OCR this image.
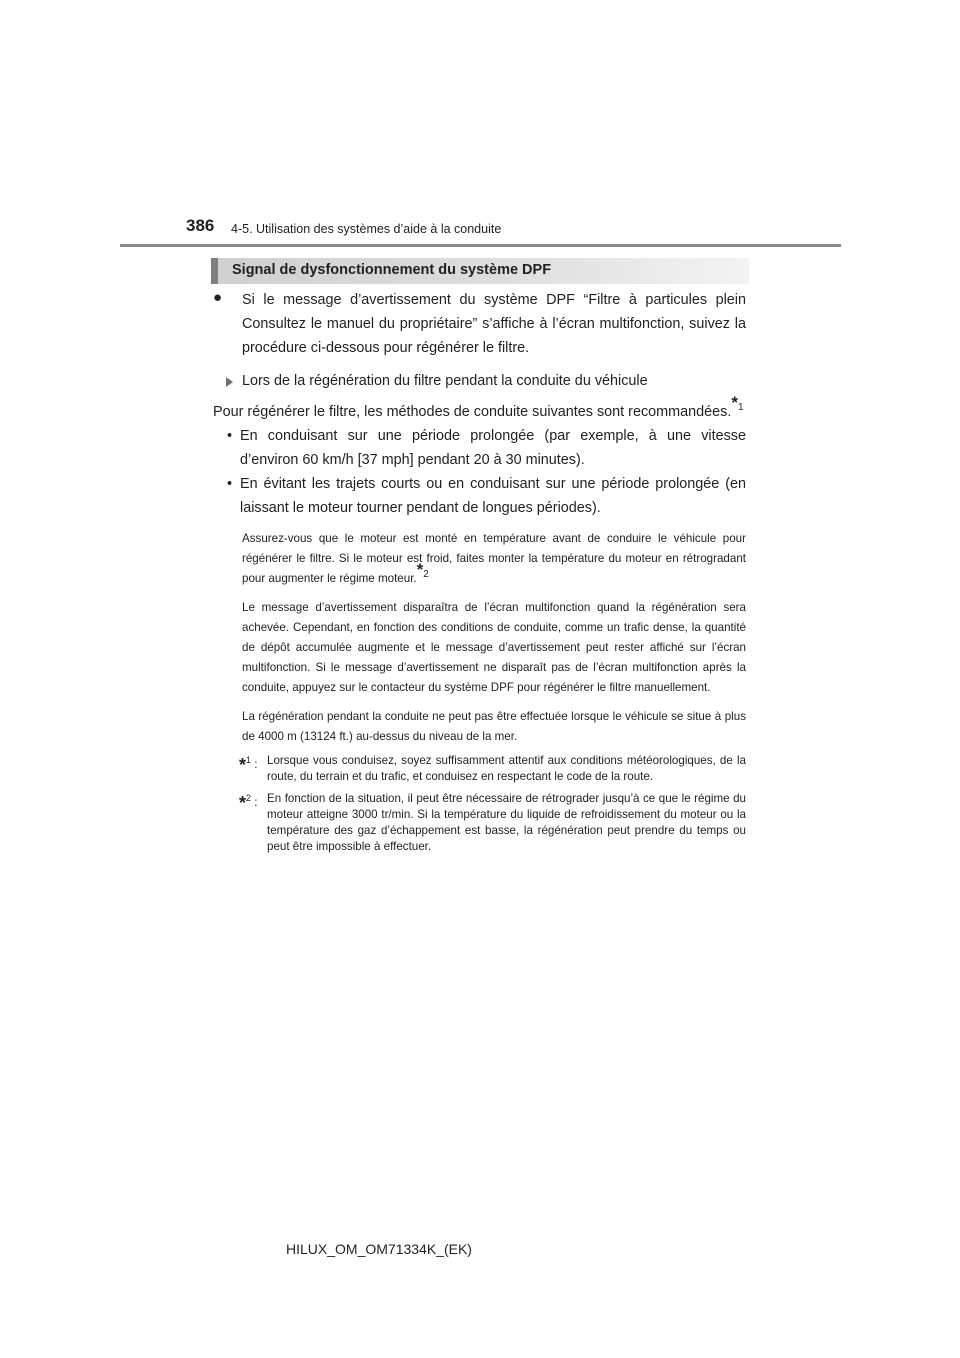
386 4-5. Utilisation des systèmes d’aide à la conduite
Signal de dysfonctionnement du système DPF
● Si le message d’avertissement du système DPF “Filtre à particules plein Consultez le manuel du propriétaire” s’affiche à l’écran multifonction, suivez la procédure ci-dessous pour régénérer le filtre.

Lors de la régénération du filtre pendant la conduite du véhicule

Pour régénérer le filtre, les méthodes de conduite suivantes sont recommandées.$^{*1}$

• En conduisant sur une période prolongée (par exemple, à une vitesse d’environ 60 km/h [37 mph] pendant 20 à 30 minutes).

• En évitant les trajets courts ou en conduisant sur une période prolongée (en laissant le moteur tourner pendant de longues périodes).

Assurez-vous que le moteur est monté en température avant de conduire le véhicule pour régénérer le filtre. Si le moteur est froid, faites monter la température du moteur en rétrogradant pour augmenter le régime moteur.$^{*2}$

Le message d’avertissement disparaîtra de l’écran multifonction quand la régénération sera achevée. Cependant, en fonction des conditions de conduite, comme un trafic dense, la quantité de dépôt accumulée augmente et le message d’avertissement peut rester affiché sur l’écran multifonction. Si le message d’avertissement ne disparaît pas de l’écran multifonction après la conduite, appuyez sur le contacteur du système DPF pour régénérer le filtre manuellement.

La régénération pendant la conduite ne peut pas être effectuée lorsque le véhicule se situe à plus de 4000 m (13124 ft.) au-dessus du niveau de la mer.

*$^1$ : Lorsque vous conduisez, soyez suffisamment attentif aux conditions météorologiques, de la route, du terrain et du trafic, et conduisez en respectant le code de la route.
*$^2$ : En fonction de la situation, il peut être nécessaire de rétrograder jusqu’à ce que le régime du moteur atteigne 3000 tr/min. Si la température du liquide de refroidissement du moteur ou la température des gaz d’échappement est basse, la régénération peut prendre du temps ou peut être impossible à effectuer.
HILUX_OM_OM71334K_(EK)
